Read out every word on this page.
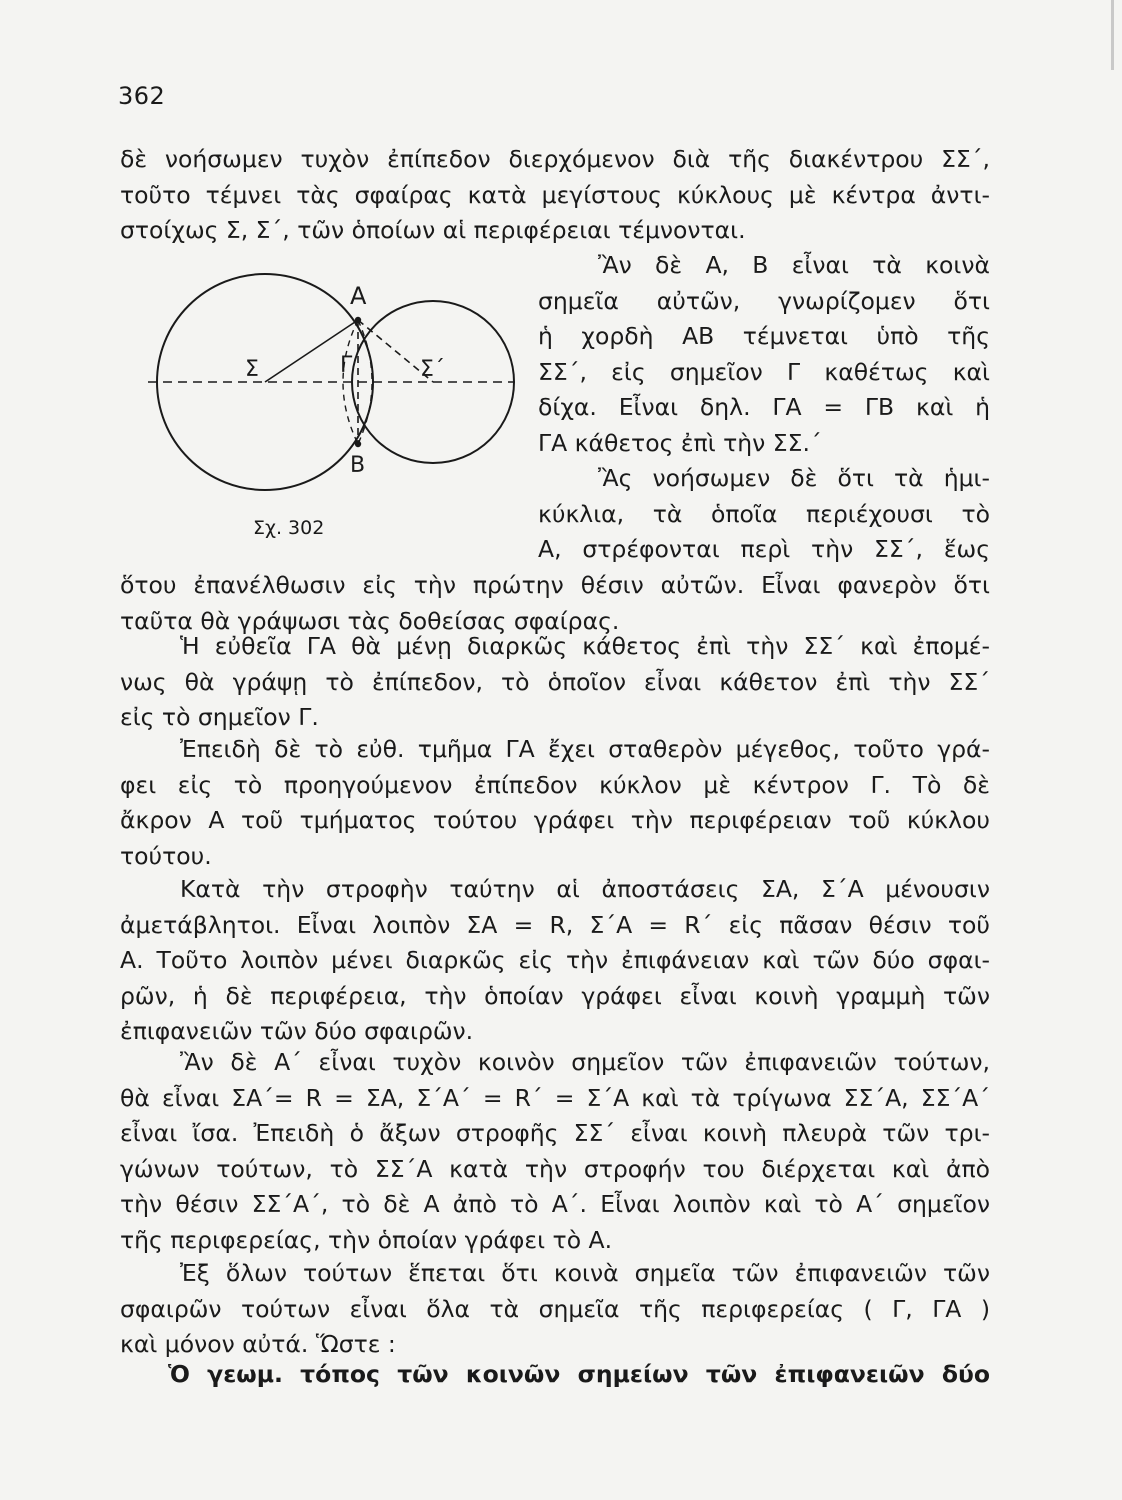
362

δὲ νοήσωμεν τυχὸν ἐπίπεδον διερχόμενον διὰ τῆς διακέντρου ΣΣ΄,
τοῦτο τέμνει τὰς σφαίρας κατὰ μεγίστους κύκλους μὲ κέντρα ἀντι-
στοίχως Σ, Σ΄, τῶν ὁποίων αἱ περιφέρειαι τέμνονται.

Α
Β
Σ	Γ	Σ΄
Σχ. 302

Ἂν δὲ Α, Β εἶναι τὰ κοινὰ
σημεῖα αὐτῶν, γνωρίζομεν ὅτι
ἡ χορδὴ ΑΒ τέμνεται ὑπὸ τῆς
ΣΣ΄, εἰς σημεῖον Γ καθέτως καὶ
δίχα. Εἶναι δηλ. ΓΑ = ΓΒ καὶ ἡ
ΓΑ κάθετος ἐπὶ τὴν ΣΣ.΄

Ἂς νοήσωμεν δὲ ὅτι τὰ ἡμι-
κύκλια, τὰ ὁποῖα περιέχουσι τὸ
Α, στρέφονται περὶ τὴν ΣΣ΄, ἕως

ὅτου ἐπανέλθωσιν εἰς τὴν πρώτην θέσιν αὐτῶν. Εἶναι φανερὸν ὅτι
ταῦτα θὰ γράψωσι τὰς δοθείσας σφαίρας.

Ἡ εὐθεῖα ΓΑ θὰ μένῃ διαρκῶς κάθετος ἐπὶ τὴν ΣΣ΄ καὶ ἐπομέ-
νως θὰ γράψῃ τὸ ἐπίπεδον, τὸ ὁποῖον εἶναι κάθετον ἐπὶ τὴν ΣΣ΄
εἰς τὸ σημεῖον Γ.

Ἐπειδὴ δὲ τὸ εὐθ. τμῆμα ΓΑ ἔχει σταθερὸν μέγεθος, τοῦτο γρά-
φει εἰς τὸ προηγούμενον ἐπίπεδον κύκλον μὲ κέντρον Γ. Τὸ δὲ
ἄκρον Α τοῦ τμήματος τούτου γράφει τὴν περιφέρειαν τοῦ κύκλου
τούτου.

Κατὰ τὴν στροφὴν ταύτην αἱ ἀποστάσεις ΣΑ, Σ΄Α μένουσιν
ἀμετάβλητοι. Εἶναι λοιπὸν ΣΑ = R, Σ΄Α = R΄ εἰς πᾶσαν θέσιν τοῦ
Α. Τοῦτο λοιπὸν μένει διαρκῶς εἰς τὴν ἐπιφάνειαν καὶ τῶν δύο σφαι-
ρῶν, ἡ δὲ περιφέρεια, τὴν ὁποίαν γράφει εἶναι κοινὴ γραμμὴ τῶν
ἐπιφανειῶν τῶν δύο σφαιρῶν.

Ἂν δὲ Α΄ εἶναι τυχὸν κοινὸν σημεῖον τῶν ἐπιφανειῶν τούτων,
θὰ εἶναι ΣΑ΄= R = ΣΑ, Σ΄Α΄ = R΄ = Σ΄Α καὶ τὰ τρίγωνα ΣΣ΄Α, ΣΣ΄Α΄
εἶναι ἴσα. Ἐπειδὴ ὁ ἄξων στροφῆς ΣΣ΄ εἶναι κοινὴ πλευρὰ τῶν τρι-
γώνων τούτων, τὸ ΣΣ΄Α κατὰ τὴν στροφήν του διέρχεται καὶ ἀπὸ
τὴν θέσιν ΣΣ΄Α΄, τὸ δὲ Α ἀπὸ τὸ Α΄. Εἶναι λοιπὸν καὶ τὸ Α΄ σημεῖον
τῆς περιφερείας, τὴν ὁποίαν γράφει τὸ Α.

Ἐξ ὅλων τούτων ἕπεται ὅτι κοινὰ σημεῖα τῶν ἐπιφανειῶν τῶν
σφαιρῶν τούτων εἶναι ὅλα τὰ σημεῖα τῆς περιφερείας ( Γ, ΓΑ )
καὶ μόνον αὐτά. Ὥστε :

Ὁ γεωμ. τόπος τῶν κοινῶν σημείων τῶν ἐπιφανειῶν δύο
